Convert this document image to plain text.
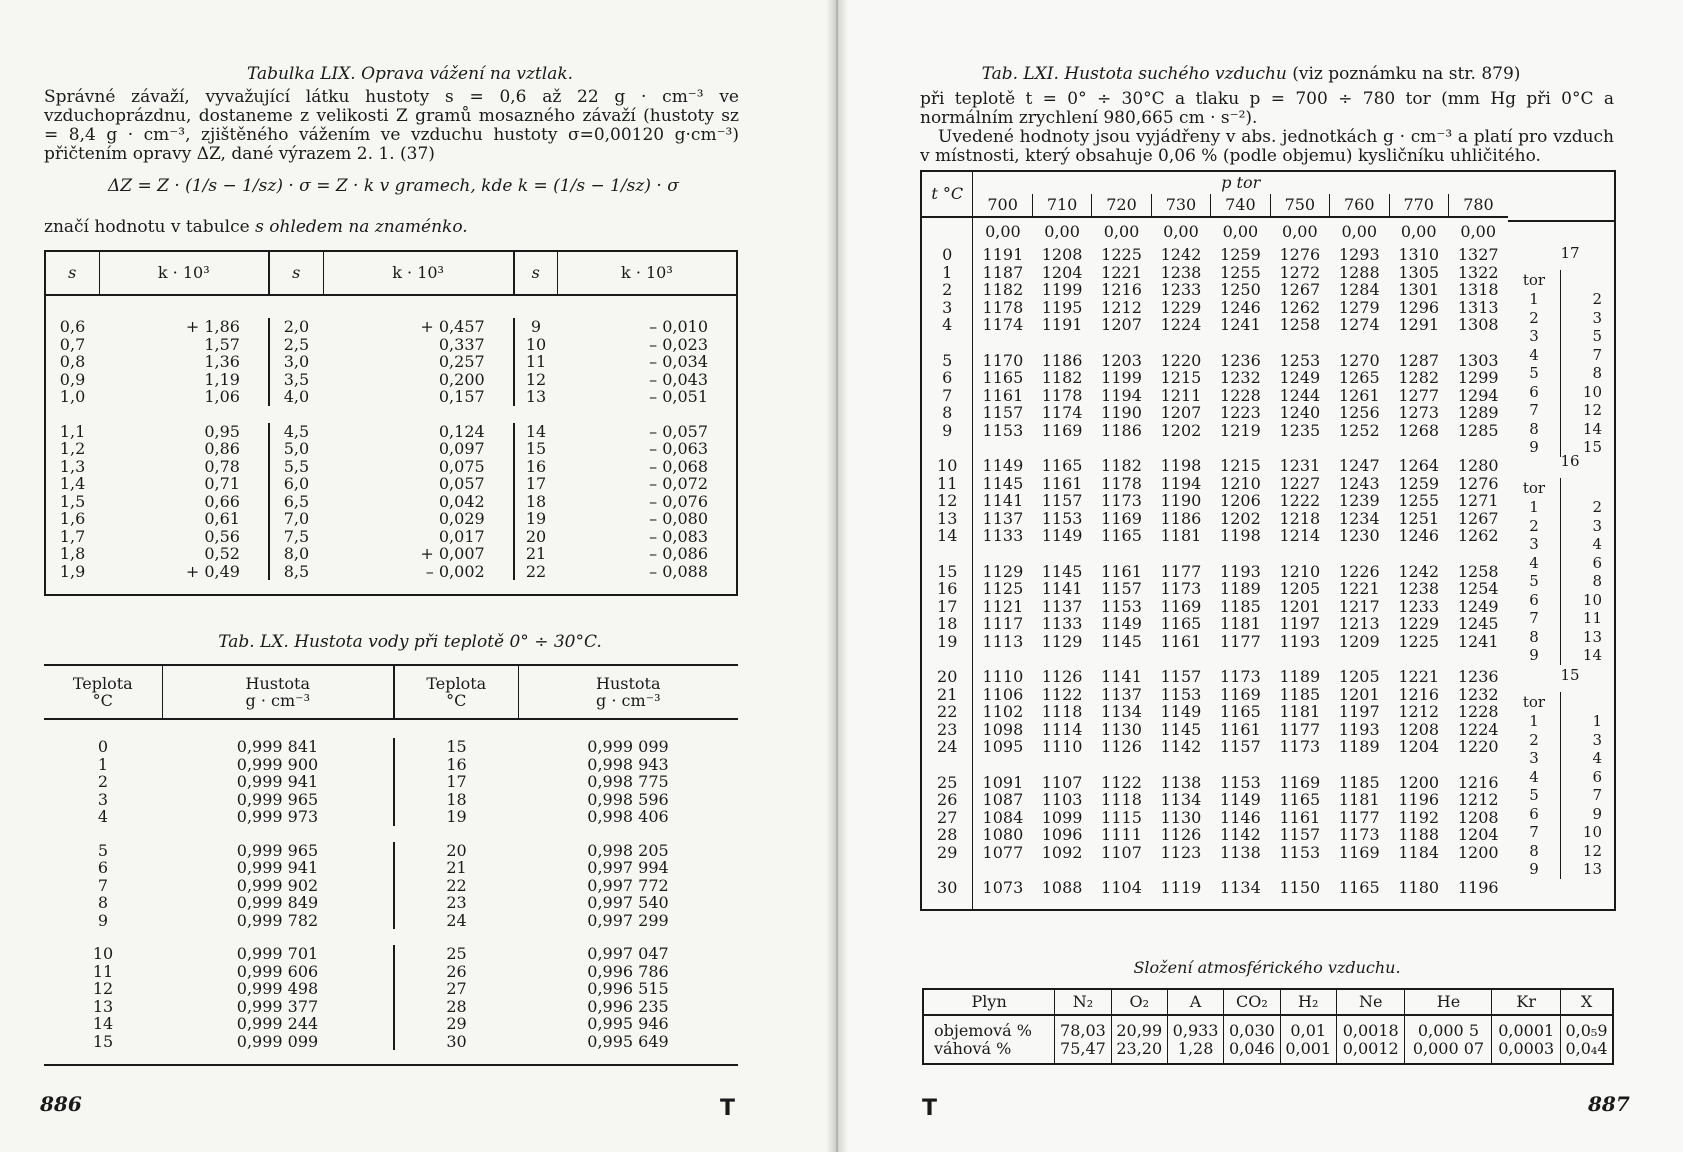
Tabulka LIX. Oprava vážení na vztlak.
Správné závaží, vyvažující látku hustoty s = 0,6 až 22 g · cm⁻³ ve vzduchoprázdnu, dostaneme z velikosti Z gramů mosazného závaží (hustoty sz = 8,4 g · cm⁻³, zjištěného vážením ve vzduchu hustoty σ=0,00120 g·cm⁻³) přičtením opravy ΔZ, dané výrazem 2. 1. (37)
ΔZ = Z · (1/s − 1/sz) · σ = Z · k v gramech, kde k = (1/s − 1/sz) · σ
značí hodnotu v tabulce s ohledem na znaménko.
s	k · 10³	s	k · 10³	s	k · 10³

0,6	+ 1,86	2,0	+ 0,457	9	– 0,010
0,7	1,57	2,5	0,337	10	– 0,023
0,8	1,36	3,0	0,257	11	– 0,034
0,9	1,19	3,5	0,200	12	– 0,043
1,0	1,06	4,0	0,157	13	– 0,051

1,1	0,95	4,5	0,124	14	– 0,057
1,2	0,86	5,0	0,097	15	– 0,063
1,3	0,78	5,5	0,075	16	– 0,068
1,4	0,71	6,0	0,057	17	– 0,072
1,5	0,66	6,5	0,042	18	– 0,076
1,6	0,61	7,0	0,029	19	– 0,080
1,7	0,56	7,5	0,017	20	– 0,083
1,8	0,52	8,0	+ 0,007	21	– 0,086
1,9	+ 0,49	8,5	– 0,002	22	– 0,088

Tab. LX. Hustota vody při teplotě 0° ÷ 30°C.
Teplota
°C	Hustota
g · cm⁻³	Teplota
°C	Hustota
g · cm⁻³

0	0,999 841	15	0,999 099
1	0,999 900	16	0,998 943
2	0,999 941	17	0,998 775
3	0,999 965	18	0,998 596
4	0,999 973	19	0,998 406

5	0,999 965	20	0,998 205
6	0,999 941	21	0,997 994
7	0,999 902	22	0,997 772
8	0,999 849	23	0,997 540
9	0,999 782	24	0,997 299

10	0,999 701	25	0,997 047
11	0,999 606	26	0,996 786
12	0,999 498	27	0,996 515
13	0,999 377	28	0,996 235
14	0,999 244	29	0,995 946
15	0,999 099	30	0,995 649

886	T
Tab. LXI. Hustota suchého vzduchu (viz poznámku na str. 879)
při teplotě t = 0° ÷ 30°C a tlaku p = 700 ÷ 780 tor (mm Hg při 0°C a normálním zrychlení 980,665 cm · s⁻²).
Uvedené hodnoty jsou vyjádřeny v abs. jednotkách g · cm⁻³ a platí pro vzduch v místnosti, který obsahuje 0,06 % (podle objemu) kysličníku uhličitého.
t °C	p tor								
	700	710	720	730	740	750	760	770	780
	0,00	0,00	0,00	0,00	0,00	0,00	0,00	0,00	0,00
0	1191	1208	1225	1242	1259	1276	1293	1310	1327
1	1187	1204	1221	1238	1255	1272	1288	1305	1322
2	1182	1199	1216	1233	1250	1267	1284	1301	1318
3	1178	1195	1212	1229	1246	1262	1279	1296	1313
4	1174	1191	1207	1224	1241	1258	1274	1291	1308

5	1170	1186	1203	1220	1236	1253	1270	1287	1303
6	1165	1182	1199	1215	1232	1249	1265	1282	1299
7	1161	1178	1194	1211	1228	1244	1261	1277	1294
8	1157	1174	1190	1207	1223	1240	1256	1273	1289
9	1153	1169	1186	1202	1219	1235	1252	1268	1285

10	1149	1165	1182	1198	1215	1231	1247	1264	1280
11	1145	1161	1178	1194	1210	1227	1243	1259	1276
12	1141	1157	1173	1190	1206	1222	1239	1255	1271
13	1137	1153	1169	1186	1202	1218	1234	1251	1267
14	1133	1149	1165	1181	1198	1214	1230	1246	1262

15	1129	1145	1161	1177	1193	1210	1226	1242	1258
16	1125	1141	1157	1173	1189	1205	1221	1238	1254
17	1121	1137	1153	1169	1185	1201	1217	1233	1249
18	1117	1133	1149	1165	1181	1197	1213	1229	1245
19	1113	1129	1145	1161	1177	1193	1209	1225	1241

20	1110	1126	1141	1157	1173	1189	1205	1221	1236
21	1106	1122	1137	1153	1169	1185	1201	1216	1232
22	1102	1118	1134	1149	1165	1181	1197	1212	1228
23	1098	1114	1130	1145	1161	1177	1193	1208	1224
24	1095	1110	1126	1142	1157	1173	1189	1204	1220

25	1091	1107	1122	1138	1153	1169	1185	1200	1216
26	1087	1103	1118	1134	1149	1165	1181	1196	1212
27	1084	1099	1115	1130	1146	1161	1177	1192	1208
28	1080	1096	1111	1126	1142	1157	1173	1188	1204
29	1077	1092	1107	1123	1138	1153	1169	1184	1200

30	1073	1088	1104	1119	1134	1150	1165	1180	1196

17
tor	
1	2
2	3
3	5
4	7
5	8
6	10
7	12
8	14
9	15
16
tor	
1	2
2	3
3	4
4	6
5	8
6	10
7	11
8	13
9	14
15
tor	
1	1
2	3
3	4
4	6
5	7
6	9
7	10
8	12
9	13
Složení atmosférického vzduchu.
Plyn	N₂	O₂	A	CO₂	H₂	Ne	He	Kr	X

objemová %	78,03	20,99	0,933	0,030	0,01	0,0018	0,000 5	0,0001	0,0₅9
váhová %	75,47	23,20	1,28	0,046	0,001	0,0012	0,000 07	0,0003	0,0₄4

T	887
